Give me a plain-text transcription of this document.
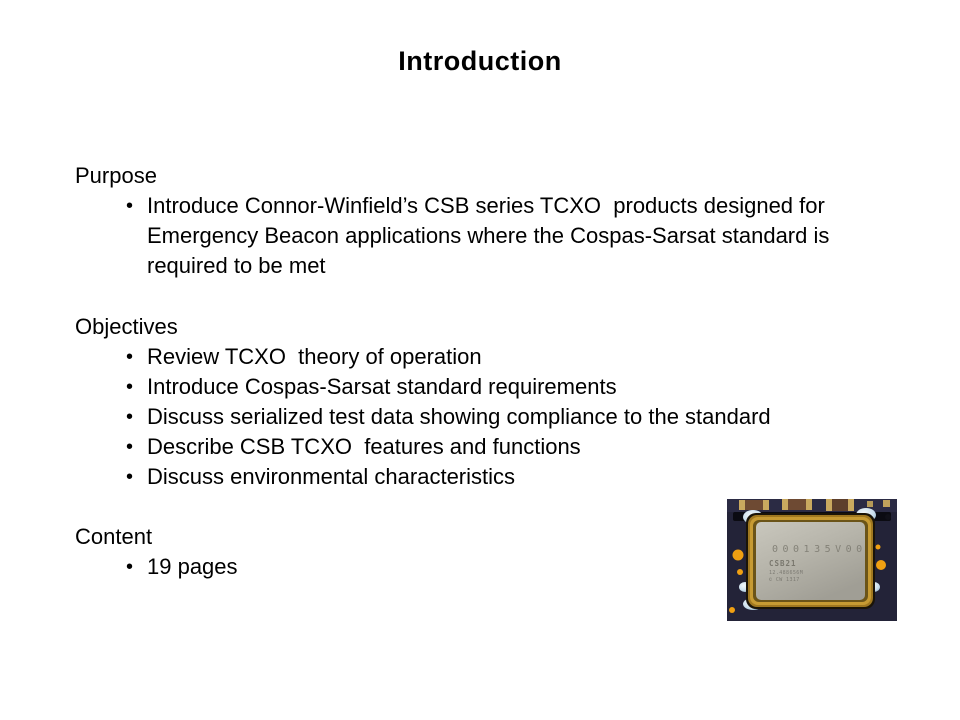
Introduction
Purpose
• Introduce Connor-Winfield’s CSB series TCXO  products designed for Emergency Beacon applications where the Cospas-Sarsat standard is required to be met
Objectives
• Review TCXO  theory of operation
• Introduce Cospas-Sarsat standard requirements
• Discuss serialized test data showing compliance to the standard
• Describe CSB TCXO  features and functions
• Discuss environmental characteristics
Content
• 19 pages
000135V00
CSB21
12.488656M
© CW 1317
